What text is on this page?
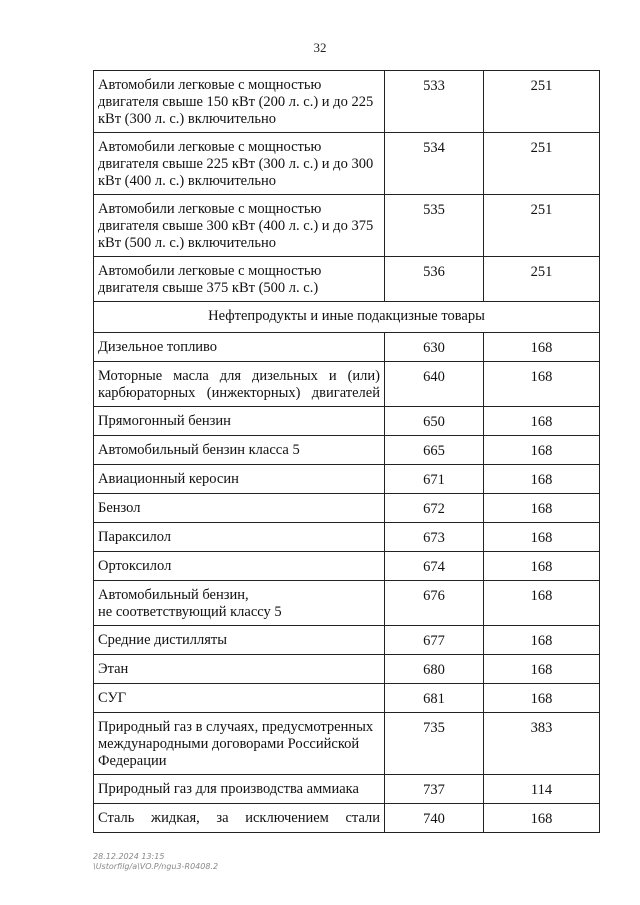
32
Автомобили легковые с мощностью двигателя свыше 150 кВт (200 л. с.) и до 225 кВт (300 л. с.) включительно	533	251
Автомобили легковые с мощностью двигателя свыше 225 кВт (300 л. с.) и до 300 кВт (400 л. с.) включительно	534	251
Автомобили легковые с мощностью двигателя свыше 300 кВт (400 л. с.) и до 375 кВт (500 л. с.) включительно	535	251
Автомобили легковые с мощностью двигателя свыше 375 кВт (500 л. с.)	536	251
Нефтепродукты и иные подакцизные товары		
Дизельное топливо	630	168
Моторные масла для дизельных и (или) карбюраторных (инжекторных) двигателей	640	168
Прямогонный бензин	650	168
Автомобильный бензин класса 5	665	168
Авиационный керосин	671	168
Бензол	672	168
Параксилол	673	168
Ортоксилол	674	168
Автомобильный бензин,
не соответствующий классу 5	676	168
Средние дистилляты	677	168
Этан	680	168
СУГ	681	168
Природный газ в случаях, предусмотренных международными договорами Российской Федерации	735	383
Природный газ для производства аммиака	737	114
Сталь жидкая, за исключением стали	740	168
28.12.2024 13:15
\Ustorfilg/a\VO.P/ngu3-R0408.2
